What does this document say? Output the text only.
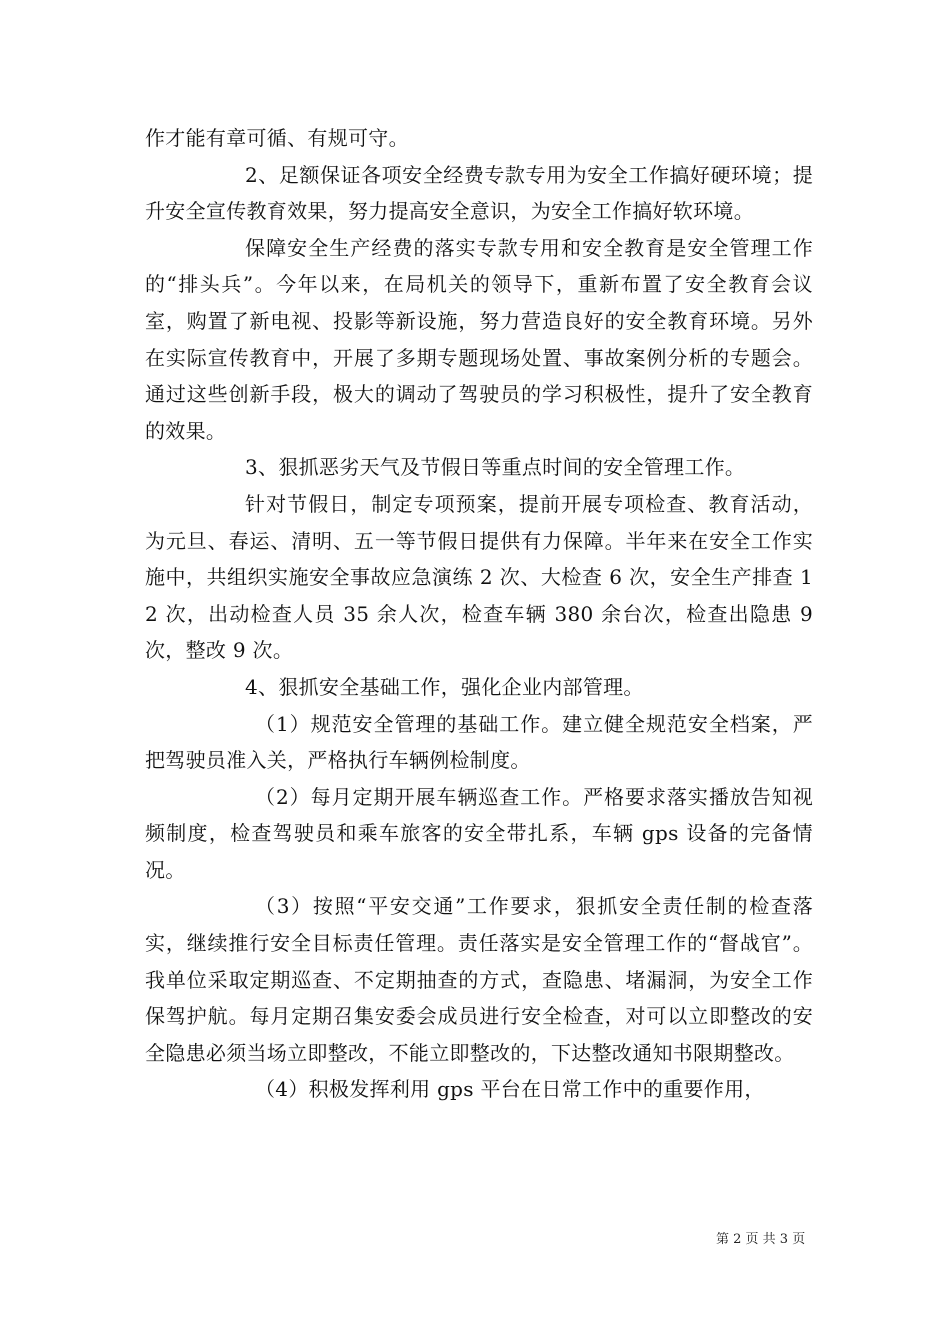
作才能有章可循、有规可守。

2、足额保证各项安全经费专款专用为安全工作搞好硬环境；提升安全宣传教育效果，努力提高安全意识，为安全工作搞好软环境。

保障安全生产经费的落实专款专用和安全教育是安全管理工作的“排头兵”。今年以来，在局机关的领导下，重新布置了安全教育会议室，购置了新电视、投影等新设施，努力营造良好的安全教育环境。另外在实际宣传教育中，开展了多期专题现场处置、事故案例分析的专题会。通过这些创新手段，极大的调动了驾驶员的学习积极性，提升了安全教育的效果。

3、狠抓恶劣天气及节假日等重点时间的安全管理工作。

针对节假日，制定专项预案，提前开展专项检查、教育活动，为元旦、春运、清明、五一等节假日提供有力保障。半年来在安全工作实施中，共组织实施安全事故应急演练 2 次、大检查 6 次，安全生产排查 12 次，出动检查人员 35 余人次，检查车辆 380 余台次，检查出隐患 9 次，整改 9 次。

4、狠抓安全基础工作，强化企业内部管理。

（1）规范安全管理的基础工作。建立健全规范安全档案，严把驾驶员准入关，严格执行车辆例检制度。

（2）每月定期开展车辆巡查工作。严格要求落实播放告知视频制度，检查驾驶员和乘车旅客的安全带扎系，车辆 gps 设备的完备情况。

（3）按照“平安交通”工作要求，狠抓安全责任制的检查落实，继续推行安全目标责任管理。责任落实是安全管理工作的“督战官”。我单位采取定期巡查、不定期抽查的方式，查隐患、堵漏洞，为安全工作保驾护航。每月定期召集安委会成员进行安全检查，对可以立即整改的安全隐患必须当场立即整改，不能立即整改的，下达整改通知书限期整改。

（4）积极发挥利用 gps 平台在日常工作中的重要作用，

第 2 页 共 3 页
